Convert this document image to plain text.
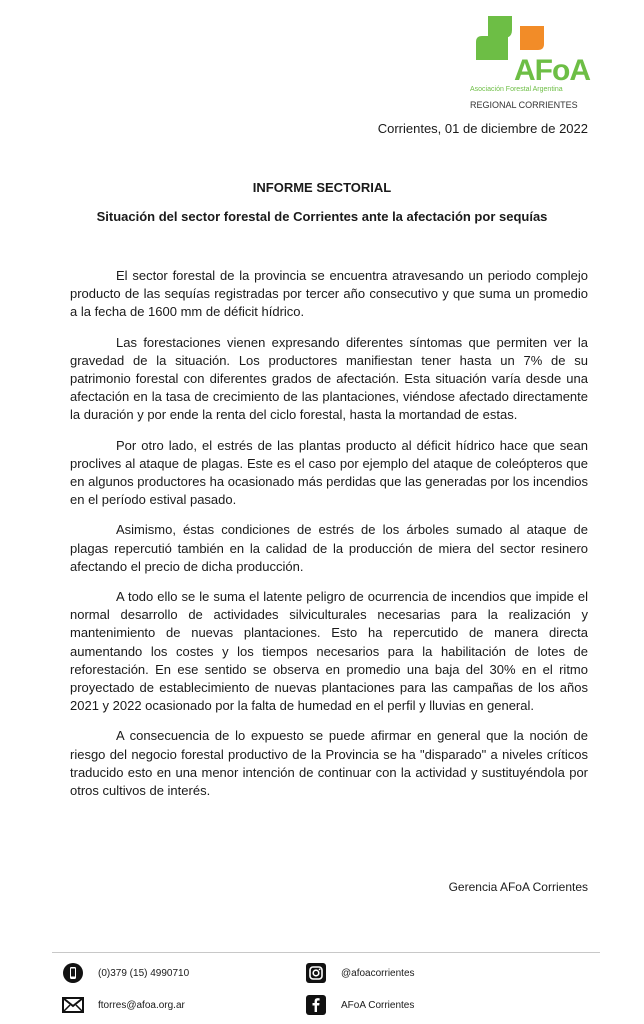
AFoA
Asociación Forestal Argentina
REGIONAL CORRIENTES
Corrientes, 01 de diciembre de 2022
INFORME SECTORIAL
Situación del sector forestal de Corrientes ante la afectación por sequías

El sector forestal de la provincia se encuentra atravesando un periodo complejo producto de las sequías registradas por tercer año consecutivo y que suma un promedio a la fecha de 1600 mm de déficit hídrico.

Las forestaciones vienen expresando diferentes síntomas que permiten ver la gravedad de la situación. Los productores manifiestan tener hasta un 7% de su patrimonio forestal con diferentes grados de afectación. Esta situación varía desde una afectación en la tasa de crecimiento de las plantaciones, viéndose afectado directamente la duración y por ende la renta del ciclo forestal, hasta la mortandad de estas.

Por otro lado, el estrés de las plantas producto al déficit hídrico hace que sean proclives al ataque de plagas. Este es el caso por ejemplo del ataque de coleópteros que en algunos productores ha ocasionado más perdidas que las generadas por los incendios en el período estival pasado.

Asimismo, éstas condiciones de estrés de los árboles sumado al ataque de plagas repercutió también en la calidad de la producción de miera del sector resinero afectando el precio de dicha producción.

A todo ello se le suma el latente peligro de ocurrencia de incendios que impide el normal desarrollo de actividades silviculturales necesarias para la realización y mantenimiento de nuevas plantaciones. Esto ha repercutido de manera directa aumentando los costes y los tiempos necesarios para la habilitación de lotes de reforestación. En ese sentido se observa en promedio una baja del 30% en el ritmo proyectado de establecimiento de nuevas plantaciones para las campañas de los años 2021 y 2022 ocasionado por la falta de humedad en el perfil y lluvias en general.

A consecuencia de lo expuesto se puede afirmar en general que la noción de riesgo del negocio forestal productivo de la Provincia se ha "disparado" a niveles críticos traducido esto en una menor intención de continuar con la actividad y sustituyéndola por otros cultivos de interés.

Gerencia AFoA Corrientes
(0)379 (15) 4990710
ftorres@afoa.org.ar
@afoacorrientes
AFoA Corrientes
